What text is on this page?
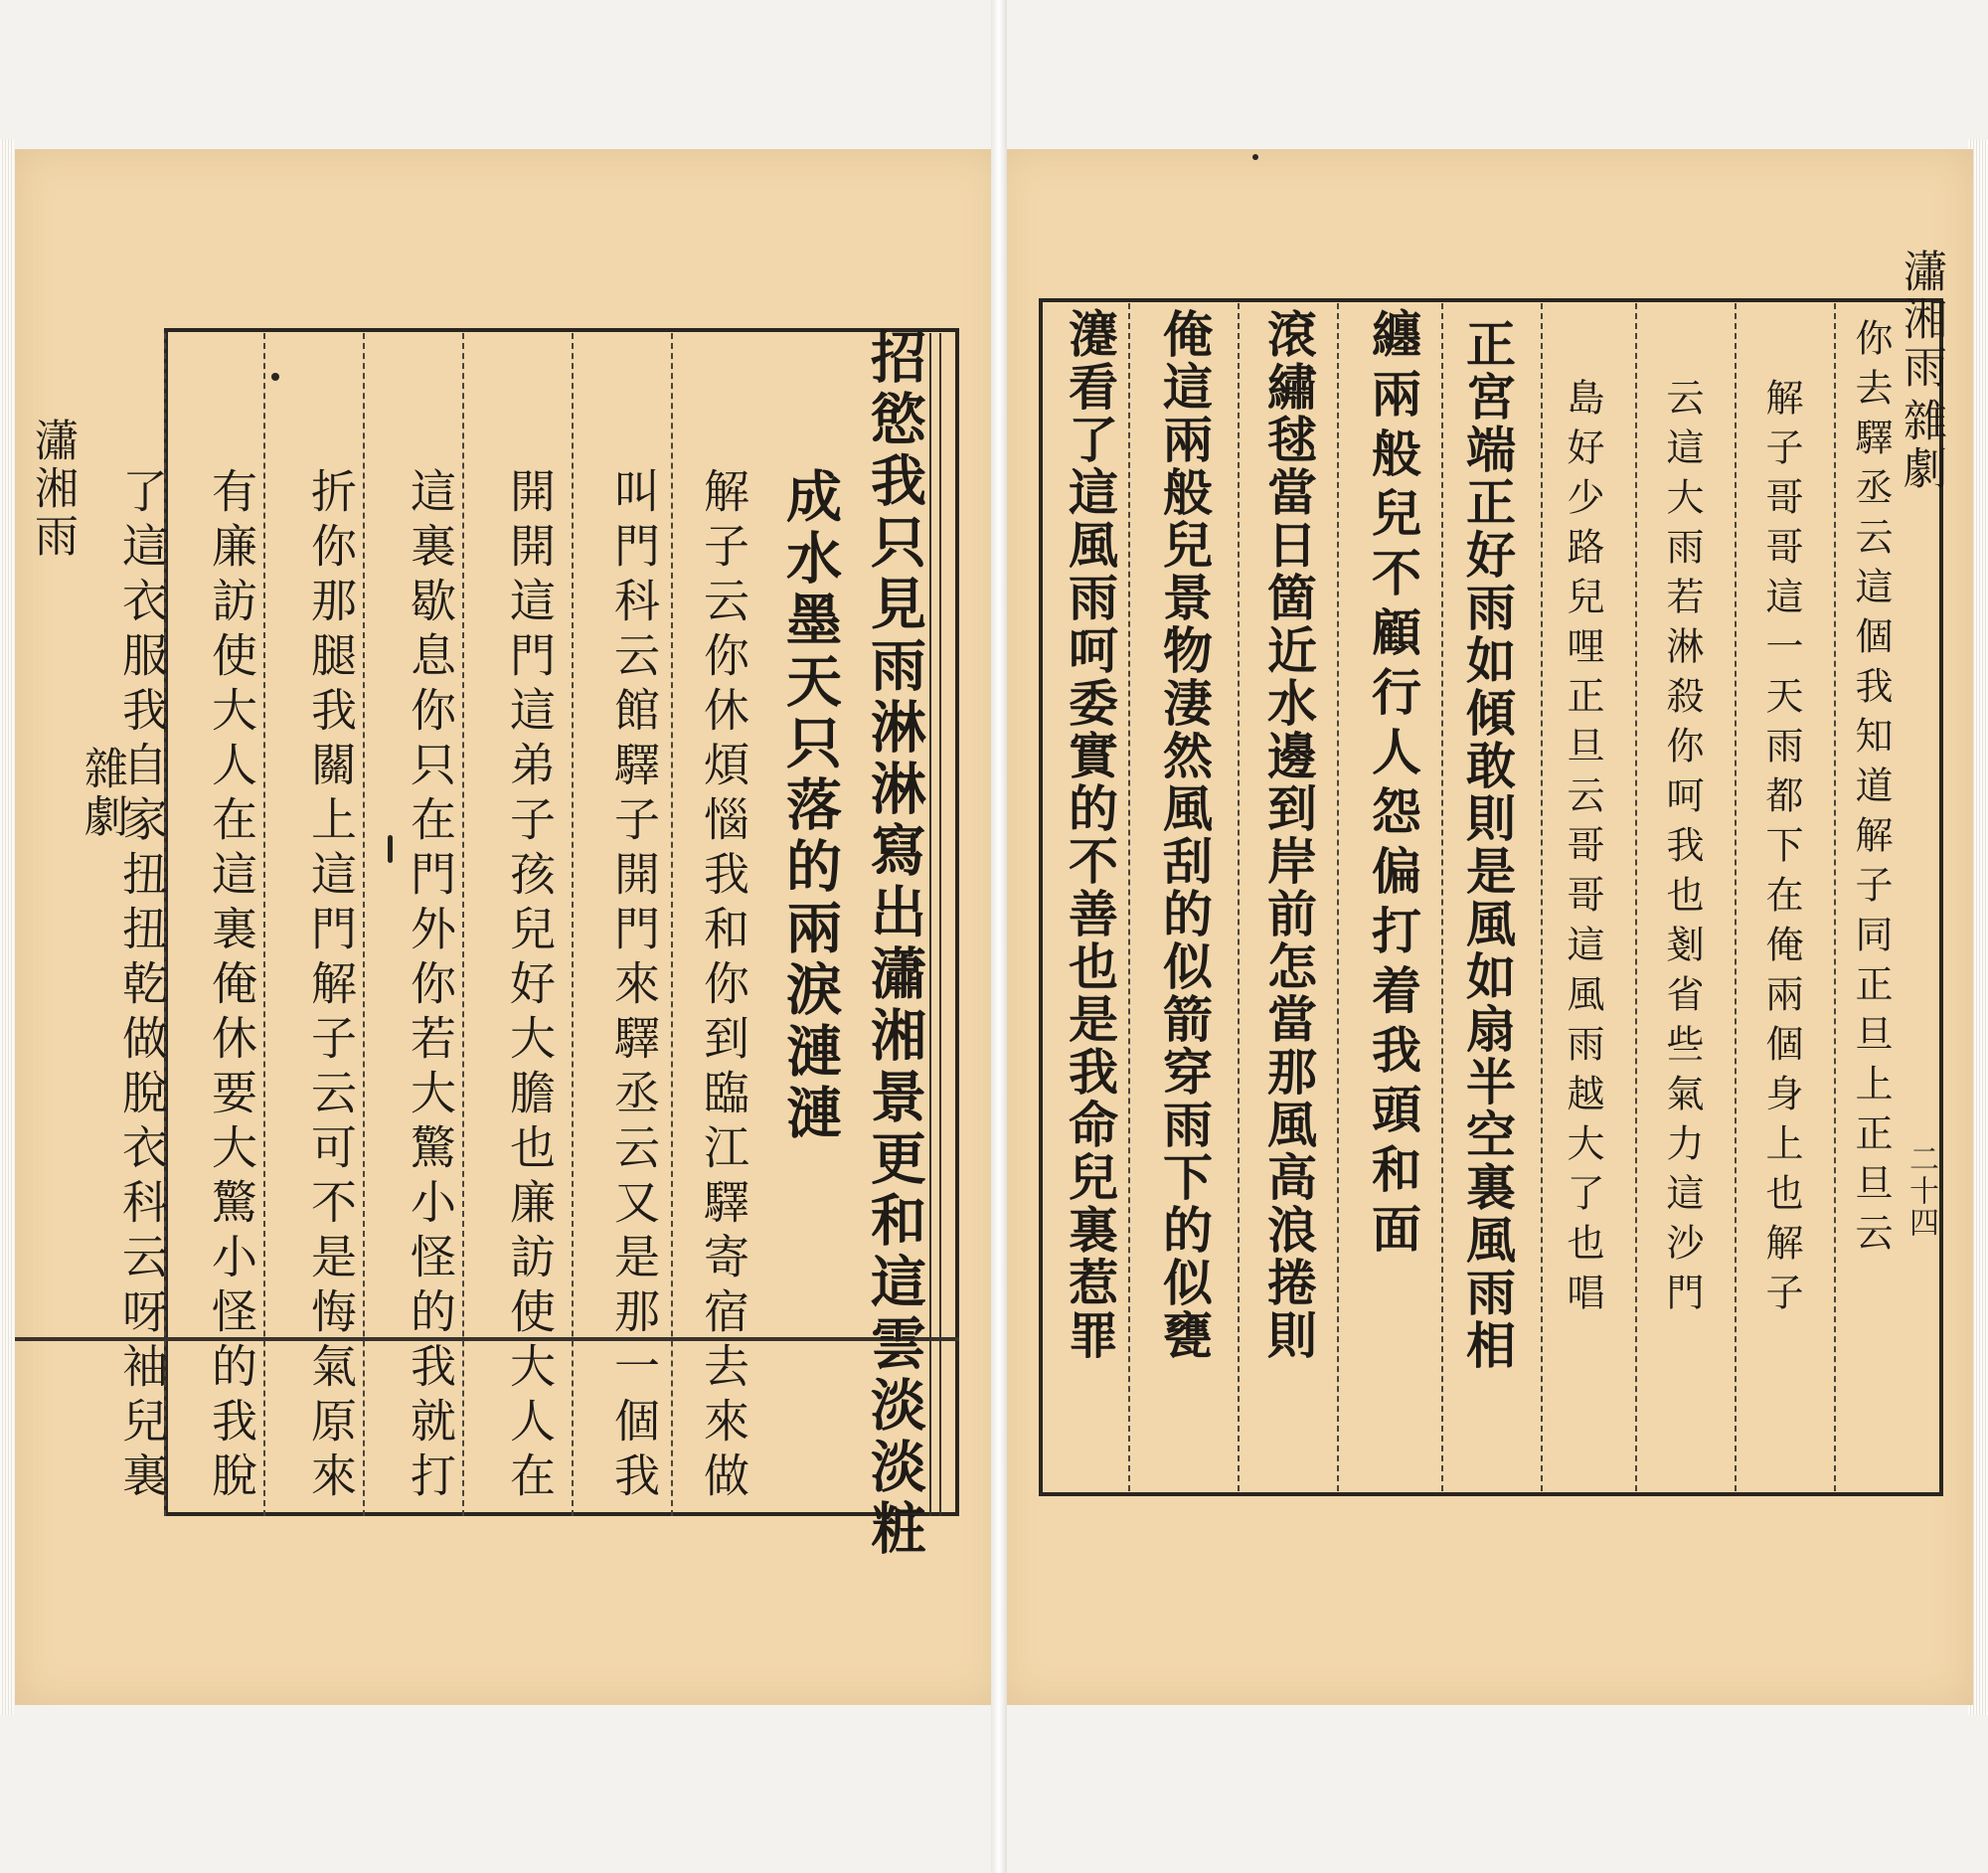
瀟湘雨
雜劇	招慾我只見雨淋淋寫出瀟湘景更和這雲淡淡粧
成水墨天只落的兩淚漣漣
解子云你休煩惱我和你到臨江驛寄宿去來做
叫門科云館驛子開門來驛丞云又是那一個我
開開這門這弟子孩兒好大膽也廉訪使大人在
這裏歇息你只在門外你若大驚小怪的我就打
折你那腿我關上這門解子云可不是悔氣原來
有廉訪使大人在這裏俺休要大驚小怪的我脫
了這衣服我自家扭扭乾做脫衣科云呀袖兒裏
瀟湘雨
雜劇
二十四
你去驛丞云這個我知道解子同正旦上正旦云
解子哥哥這一天雨都下在俺兩個身上也解子
云這大雨若淋殺你呵我也剗省些氣力這沙門
島好少路兒哩正旦云哥哥這風雨越大了也唱
正宮端正好雨如傾敢則是風如扇半空裏風雨相
纏兩般兒不顧行人怨偏打着我頭和面
滾繡毬當日箇近水邊到岸前怎當那風高浪捲則
俺這兩般兒景物淒然風刮的似箭穿雨下的似甕
瀽看了這風雨呵委實的不善也是我命兒裏惹罪
